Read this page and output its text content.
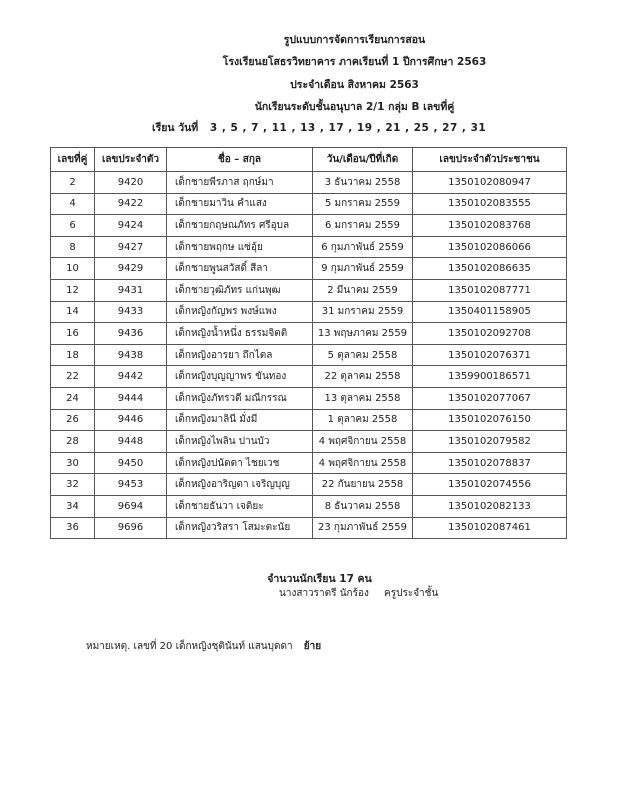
รูปแบบการจัดการเรียนการสอน
โรงเรียนยโสธรวิทยาคาร ภาคเรียนที่ 1 ปีการศึกษา 2563
ประจำเดือน สิงหาคม 2563
นักเรียนระดับชั้นอนุบาล 2/1 กลุ่ม B เลขที่คู่
เรียน วันที่ 3 , 5 , 7 , 11 , 13 , 17 , 19 , 21 , 25 , 27 , 31
เลขที่คู่	เลขประจำตัว	ชื่อ – สกุล	วัน/เดือน/ปีที่เกิด	เลขประจำตัวประชาชน
2	9420	เด็กชายพีรภาส ฤกษ์มา	3 ธันวาคม 2558	1350102080947
4	9422	เด็กชายมาวิน คำแสง	5 มกราคม 2559	1350102083555
6	9424	เด็กชายกฤษณภัทร ศรีอุบล	6 มกราคม 2559	1350102083768
8	9427	เด็กชายพฤกษ แซ่อุ้ย	6 กุมภาพันธ์ 2559	1350102086066
10	9429	เด็กชายพูนสวัสดิ์ สีลา	9 กุมภาพันธ์ 2559	1350102086635
12	9431	เด็กชายวุฒิภัทร แก่นพุฒ	2 มีนาคม 2559	1350102087771
14	9433	เด็กหญิงกัญพร พงษ์แพง	31 มกราคม 2559	1350401158905
16	9436	เด็กหญิงน้ำหนึ่ง ธรรมจิตติ	13 พฤษภาคม 2559	1350102092708
18	9438	เด็กหญิงอารยา ถึกไตล	5 ตุลาคม 2558	1350102076371
22	9442	เด็กหญิงบุญญาพร ขันทอง	22 ตุลาคม 2558	1359900186571
24	9444	เด็กหญิงภัทรวดี มณีกรรณ	13 ตุลาคม 2558	1350102077067
26	9446	เด็กหญิงมาลินี มั่งมี	1 ตุลาคม 2558	1350102076150
28	9448	เด็กหญิงไพลิน ปานบัว	4 พฤศจิกายน 2558	1350102079582
30	9450	เด็กหญิงปนัดดา ไชยเวช	4 พฤศจิกายน 2558	1350102078837
32	9453	เด็กหญิงอาริญดา เจริญบุญ	22 กันยายน 2558	1350102074556
34	9694	เด็กชายธันวา เจติยะ	8 ธันวาคม 2558	1350102082133
36	9696	เด็กหญิงวริสรา โสมะตะนัย	23 กุมภาพันธ์ 2559	1350102087461
จำนวนนักเรียน 17 คน
นางสาวราตรี นักร้อง ครูประจำชั้น
หมายเหตุ. เลขที่ 20 เด็กหญิงชุตินันท์ แสนบุดดา ย้าย
